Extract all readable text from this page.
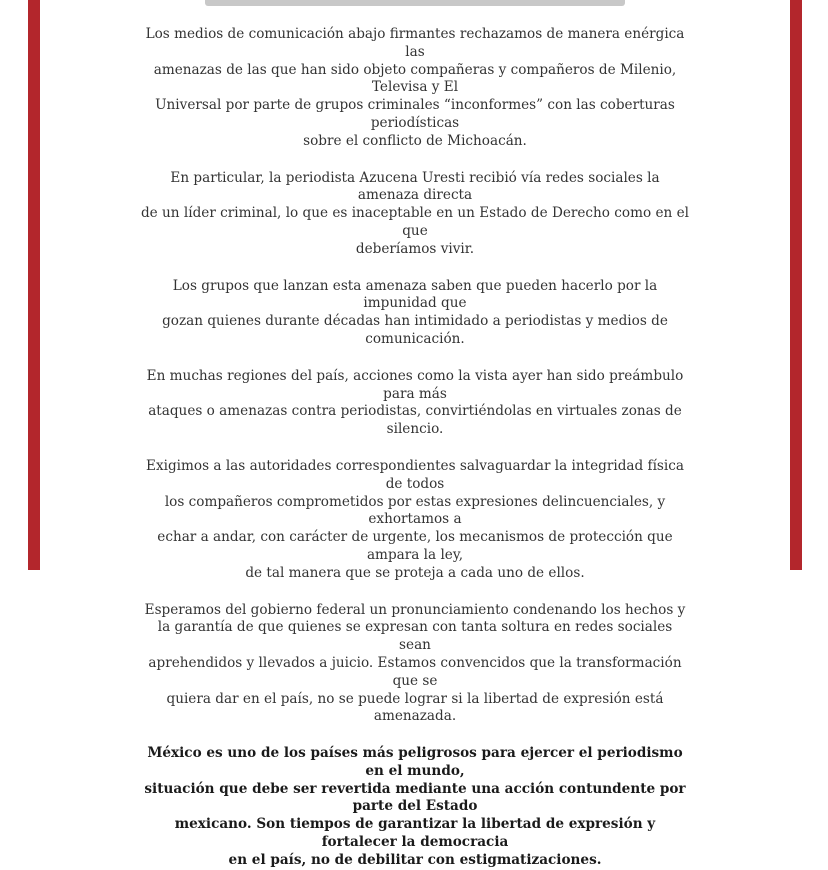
Los medios de comunicación abajo firmantes rechazamos de manera enérgica las
amenazas de las que han sido objeto compañeras y compañeros de Milenio, Televisa y El
Universal por parte de grupos criminales “inconformes” con las coberturas periodísticas
sobre el conflicto de Michoacán.

En particular, la periodista Azucena Uresti recibió vía redes sociales la amenaza directa
de un líder criminal, lo que es inaceptable en un Estado de Derecho como en el que
deberíamos vivir.

Los grupos que lanzan esta amenaza saben que pueden hacerlo por la impunidad que
gozan quienes durante décadas han intimidado a periodistas y medios de comunicación.

En muchas regiones del país, acciones como la vista ayer han sido preámbulo para más
ataques o amenazas contra periodistas, convirtiéndolas en virtuales zonas de silencio.

Exigimos a las autoridades correspondientes salvaguardar la integridad física de todos
los compañeros comprometidos por estas expresiones delincuenciales, y exhortamos a
echar a andar, con carácter de urgente, los mecanismos de protección que ampara la ley,
de tal manera que se proteja a cada uno de ellos.

Esperamos del gobierno federal un pronunciamiento condenando los hechos y
la garantía de que quienes se expresan con tanta soltura en redes sociales sean
aprehendidos y llevados a juicio. Estamos convencidos que la transformación que se
quiera dar en el país, no se puede lograr si la libertad de expresión está amenazada.

México es uno de los países más peligrosos para ejercer el periodismo en el mundo,
situación que debe ser revertida mediante una acción contundente por parte del Estado
mexicano. Son tiempos de garantizar la libertad de expresión y fortalecer la democracia
en el país, no de debilitar con estigmatizaciones.
